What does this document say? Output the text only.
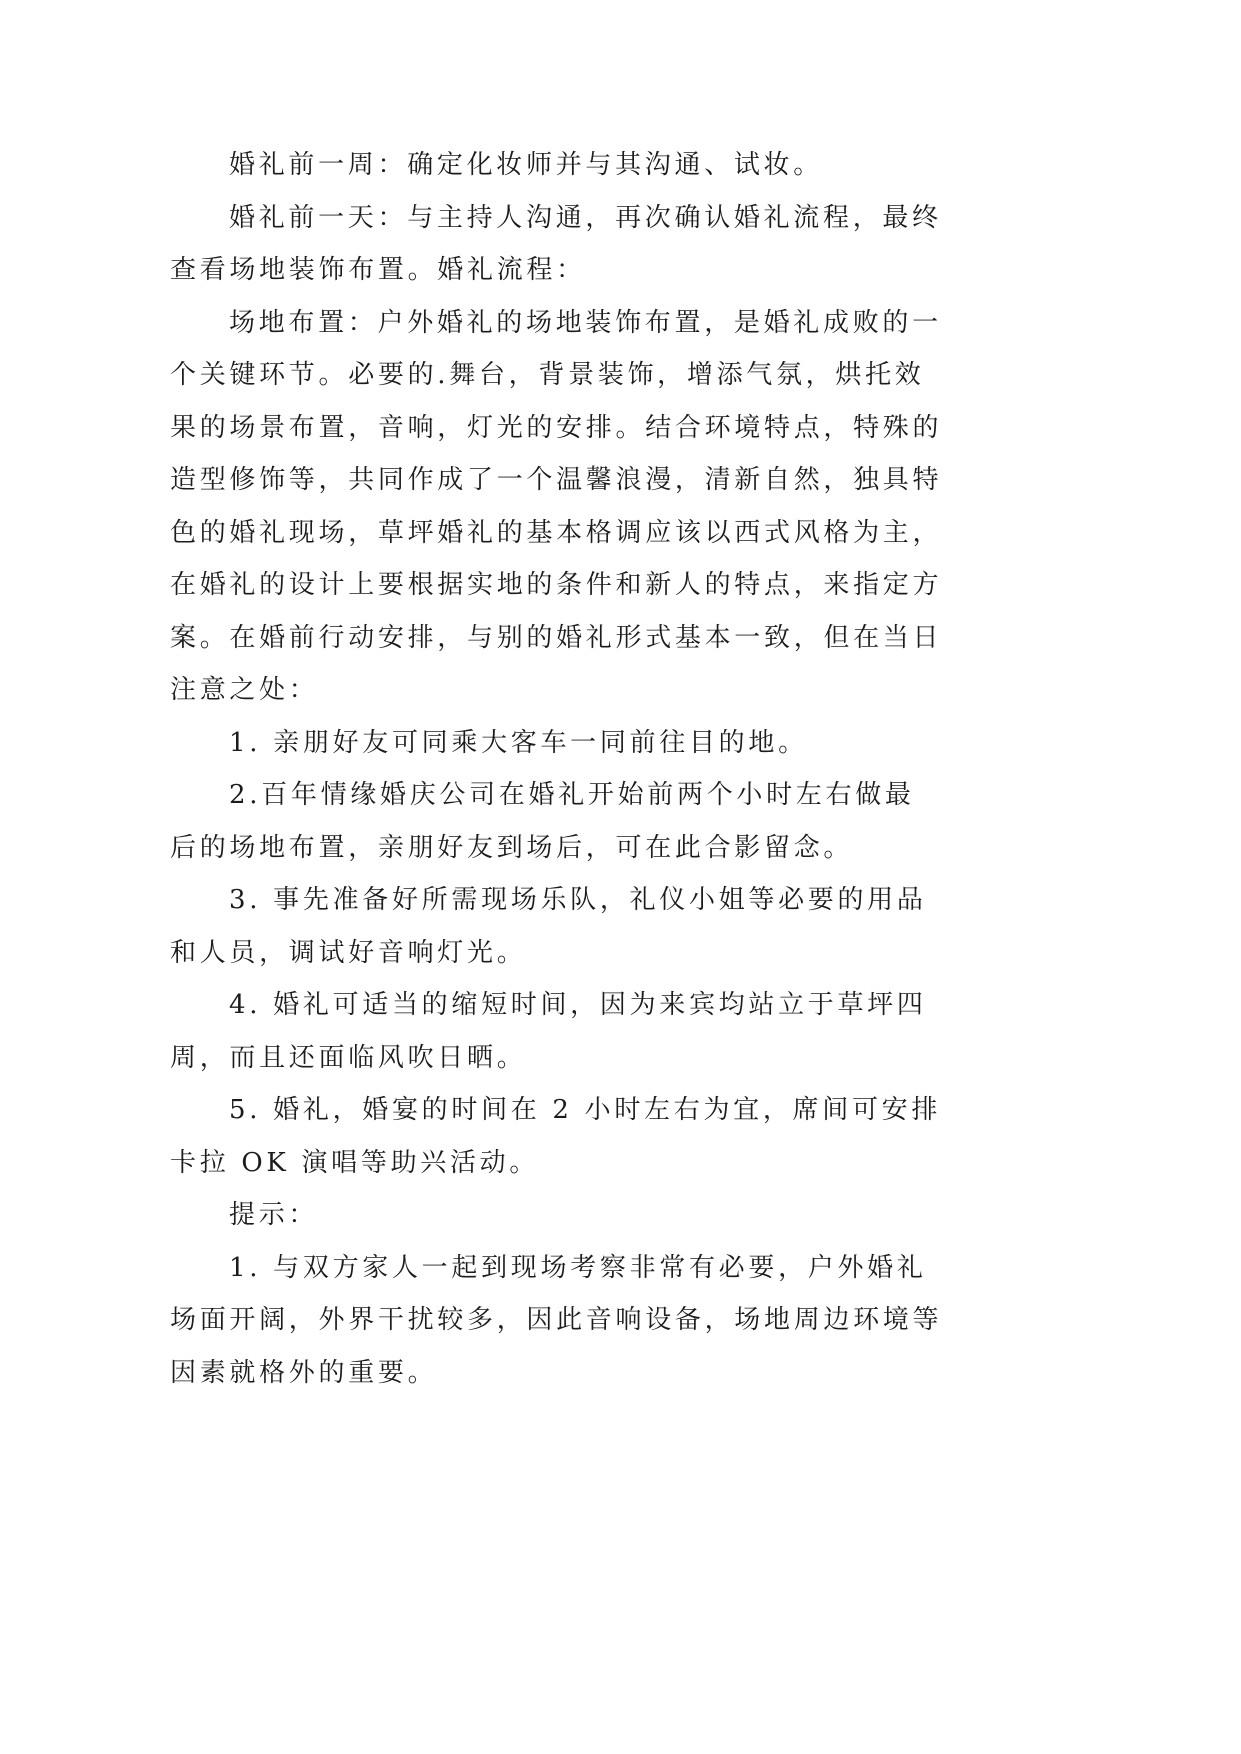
婚礼前一周：确定化妆师并与其沟通、试妆。
婚礼前一天：与主持人沟通，再次确认婚礼流程，最终
查看场地装饰布置。婚礼流程：
场地布置：户外婚礼的场地装饰布置，是婚礼成败的一
个关键环节。必要的.舞台，背景装饰，增添气氛，烘托效
果的场景布置，音响，灯光的安排。结合环境特点，特殊的
造型修饰等，共同作成了一个温馨浪漫，清新自然，独具特
色的婚礼现场，草坪婚礼的基本格调应该以西式风格为主，
在婚礼的设计上要根据实地的条件和新人的特点，来指定方
案。在婚前行动安排，与别的婚礼形式基本一致，但在当日
注意之处：
1. 亲朋好友可同乘大客车一同前往目的地。
2.百年情缘婚庆公司在婚礼开始前两个小时左右做最
后的场地布置，亲朋好友到场后，可在此合影留念。
3. 事先准备好所需现场乐队，礼仪小姐等必要的用品
和人员，调试好音响灯光。
4. 婚礼可适当的缩短时间，因为来宾均站立于草坪四
周，而且还面临风吹日晒。
5. 婚礼，婚宴的时间在 2 小时左右为宜，席间可安排
卡拉 OK 演唱等助兴活动。
提示：
1. 与双方家人一起到现场考察非常有必要，户外婚礼
场面开阔，外界干扰较多，因此音响设备，场地周边环境等
因素就格外的重要。
